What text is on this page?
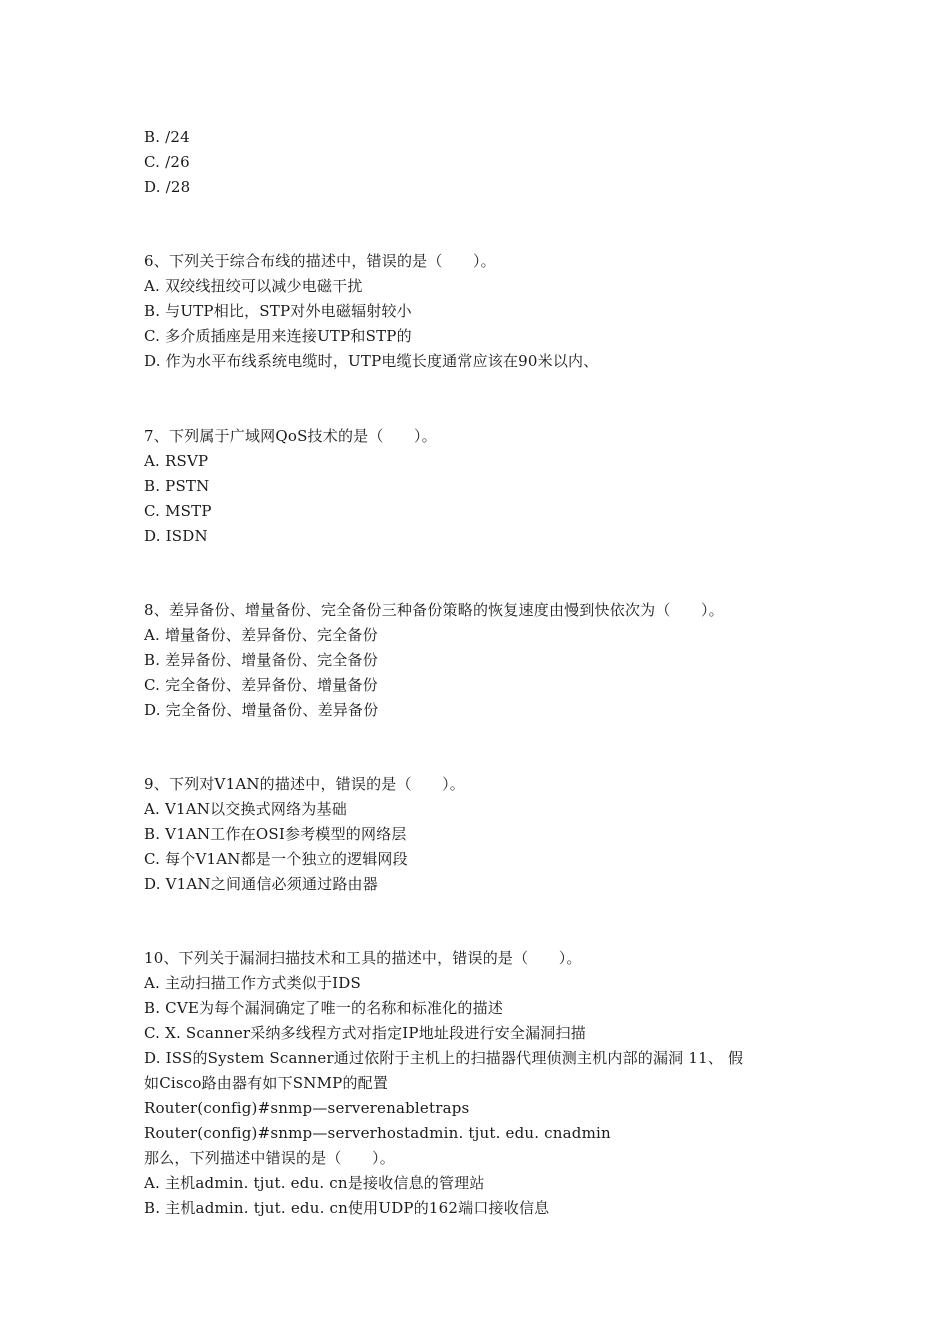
B. /24
C. /26
D. /28
6、下列关于综合布线的描述中，错误的是（　　）。
A. 双绞线扭绞可以减少电磁干扰
B. 与UTP相比，STP对外电磁辐射较小
C. 多介质插座是用来连接UTP和STP的
D. 作为水平布线系统电缆时，UTP电缆长度通常应该在90米以内、
7、下列属于广域网QoS技术的是（　　）。
A. RSVP
B. PSTN
C. MSTP
D. ISDN
8、差异备份、增量备份、完全备份三种备份策略的恢复速度由慢到快依次为（　　）。
A. 增量备份、差异备份、完全备份
B. 差异备份、增量备份、完全备份
C. 完全备份、差异备份、增量备份
D. 完全备份、增量备份、差异备份
9、下列对V1AN的描述中，错误的是（　　）。
A. V1AN以交换式网络为基础
B. V1AN工作在OSI参考模型的网络层
C. 每个V1AN都是一个独立的逻辑网段
D. V1AN之间通信必须通过路由器
10、下列关于漏洞扫描技术和工具的描述中，错误的是（　　）。
A. 主动扫描工作方式类似于IDS
B. CVE为每个漏洞确定了唯一的名称和标准化的描述
C. X. Scanner采纳多线程方式对指定IP地址段进行安全漏洞扫描
D. ISS的System Scanner通过依附于主机上的扫描器代理侦测主机内部的漏洞 11、 假
如Cisco路由器有如下SNMP的配置
Router(config)#snmp—serverenabletraps
Router(config)#snmp—serverhostadmin. tjut. edu. cnadmin
那么，下列描述中错误的是（　　）。
A. 主机admin. tjut. edu. cn是接收信息的管理站
B. 主机admin. tjut. edu. cn使用UDP的162端口接收信息
